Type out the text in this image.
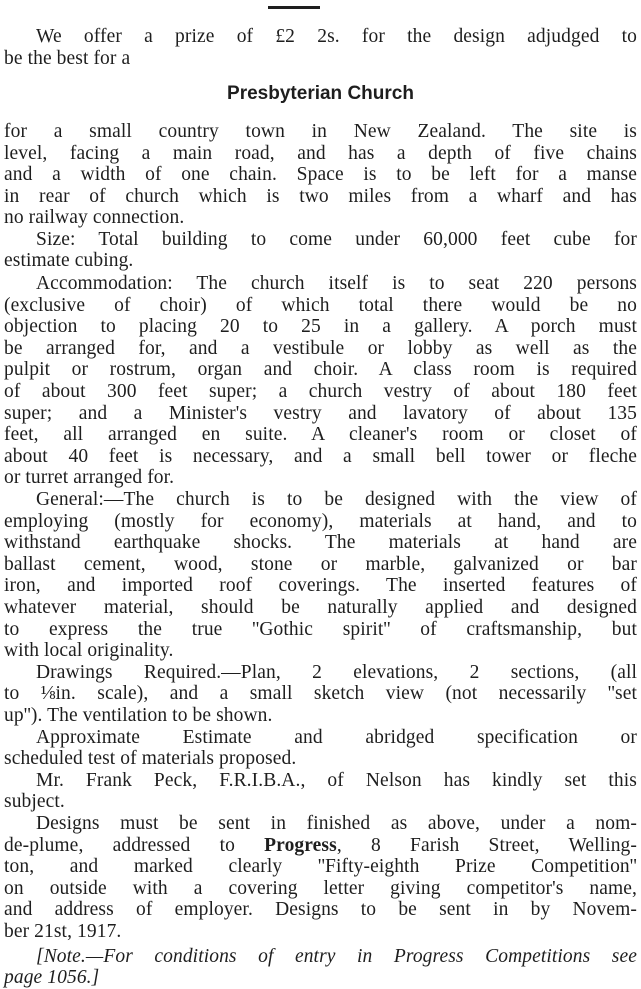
We offer a prize of £2 2s. for the design adjudged to
be the best for a
Presbyterian Church
for a small country town in New Zealand. The site is
level, facing a main road, and has a depth of five chains
and a width of one chain. Space is to be left for a manse
in rear of church which is two miles from a wharf and has
no railway connection.
Size: Total building to come under 60,000 feet cube for
estimate cubing.
Accommodation: The church itself is to seat 220 persons
(exclusive of choir) of which total there would be no
objection to placing 20 to 25 in a gallery. A porch must
be arranged for, and a vestibule or lobby as well as the
pulpit or rostrum, organ and choir. A class room is required
of about 300 feet super; a church vestry of about 180 feet
super; and a Minister's vestry and lavatory of about 135
feet, all arranged en suite. A cleaner's room or closet of
about 40 feet is necessary, and a small bell tower or fleche
or turret arranged for.
General:—The church is to be designed with the view of
employing (mostly for economy), materials at hand, and to
withstand earthquake shocks. The materials at hand are
ballast cement, wood, stone or marble, galvanized or bar
iron, and imported roof coverings. The inserted features of
whatever material, should be naturally applied and designed
to express the true ''Gothic spirit'' of craftsmanship, but
with local originality.
Drawings Required.—Plan, 2 elevations, 2 sections, (all
to ⅛in. scale), and a small sketch view (not necessarily ''set
up''). The ventilation to be shown.
Approximate Estimate and abridged specification or
scheduled test of materials proposed.
Mr. Frank Peck, F.R.I.B.A., of Nelson has kindly set this
subject.
Designs must be sent in finished as above, under a nom-
de-plume, addressed to Progress, 8 Farish Street, Welling-
ton, and marked clearly ''Fifty-eighth Prize Competition''
on outside with a covering letter giving competitor's name,
and address of employer. Designs to be sent in by Novem-
ber 21st, 1917.
[Note.—For conditions of entry in Progress Competitions see
page 1056.]
